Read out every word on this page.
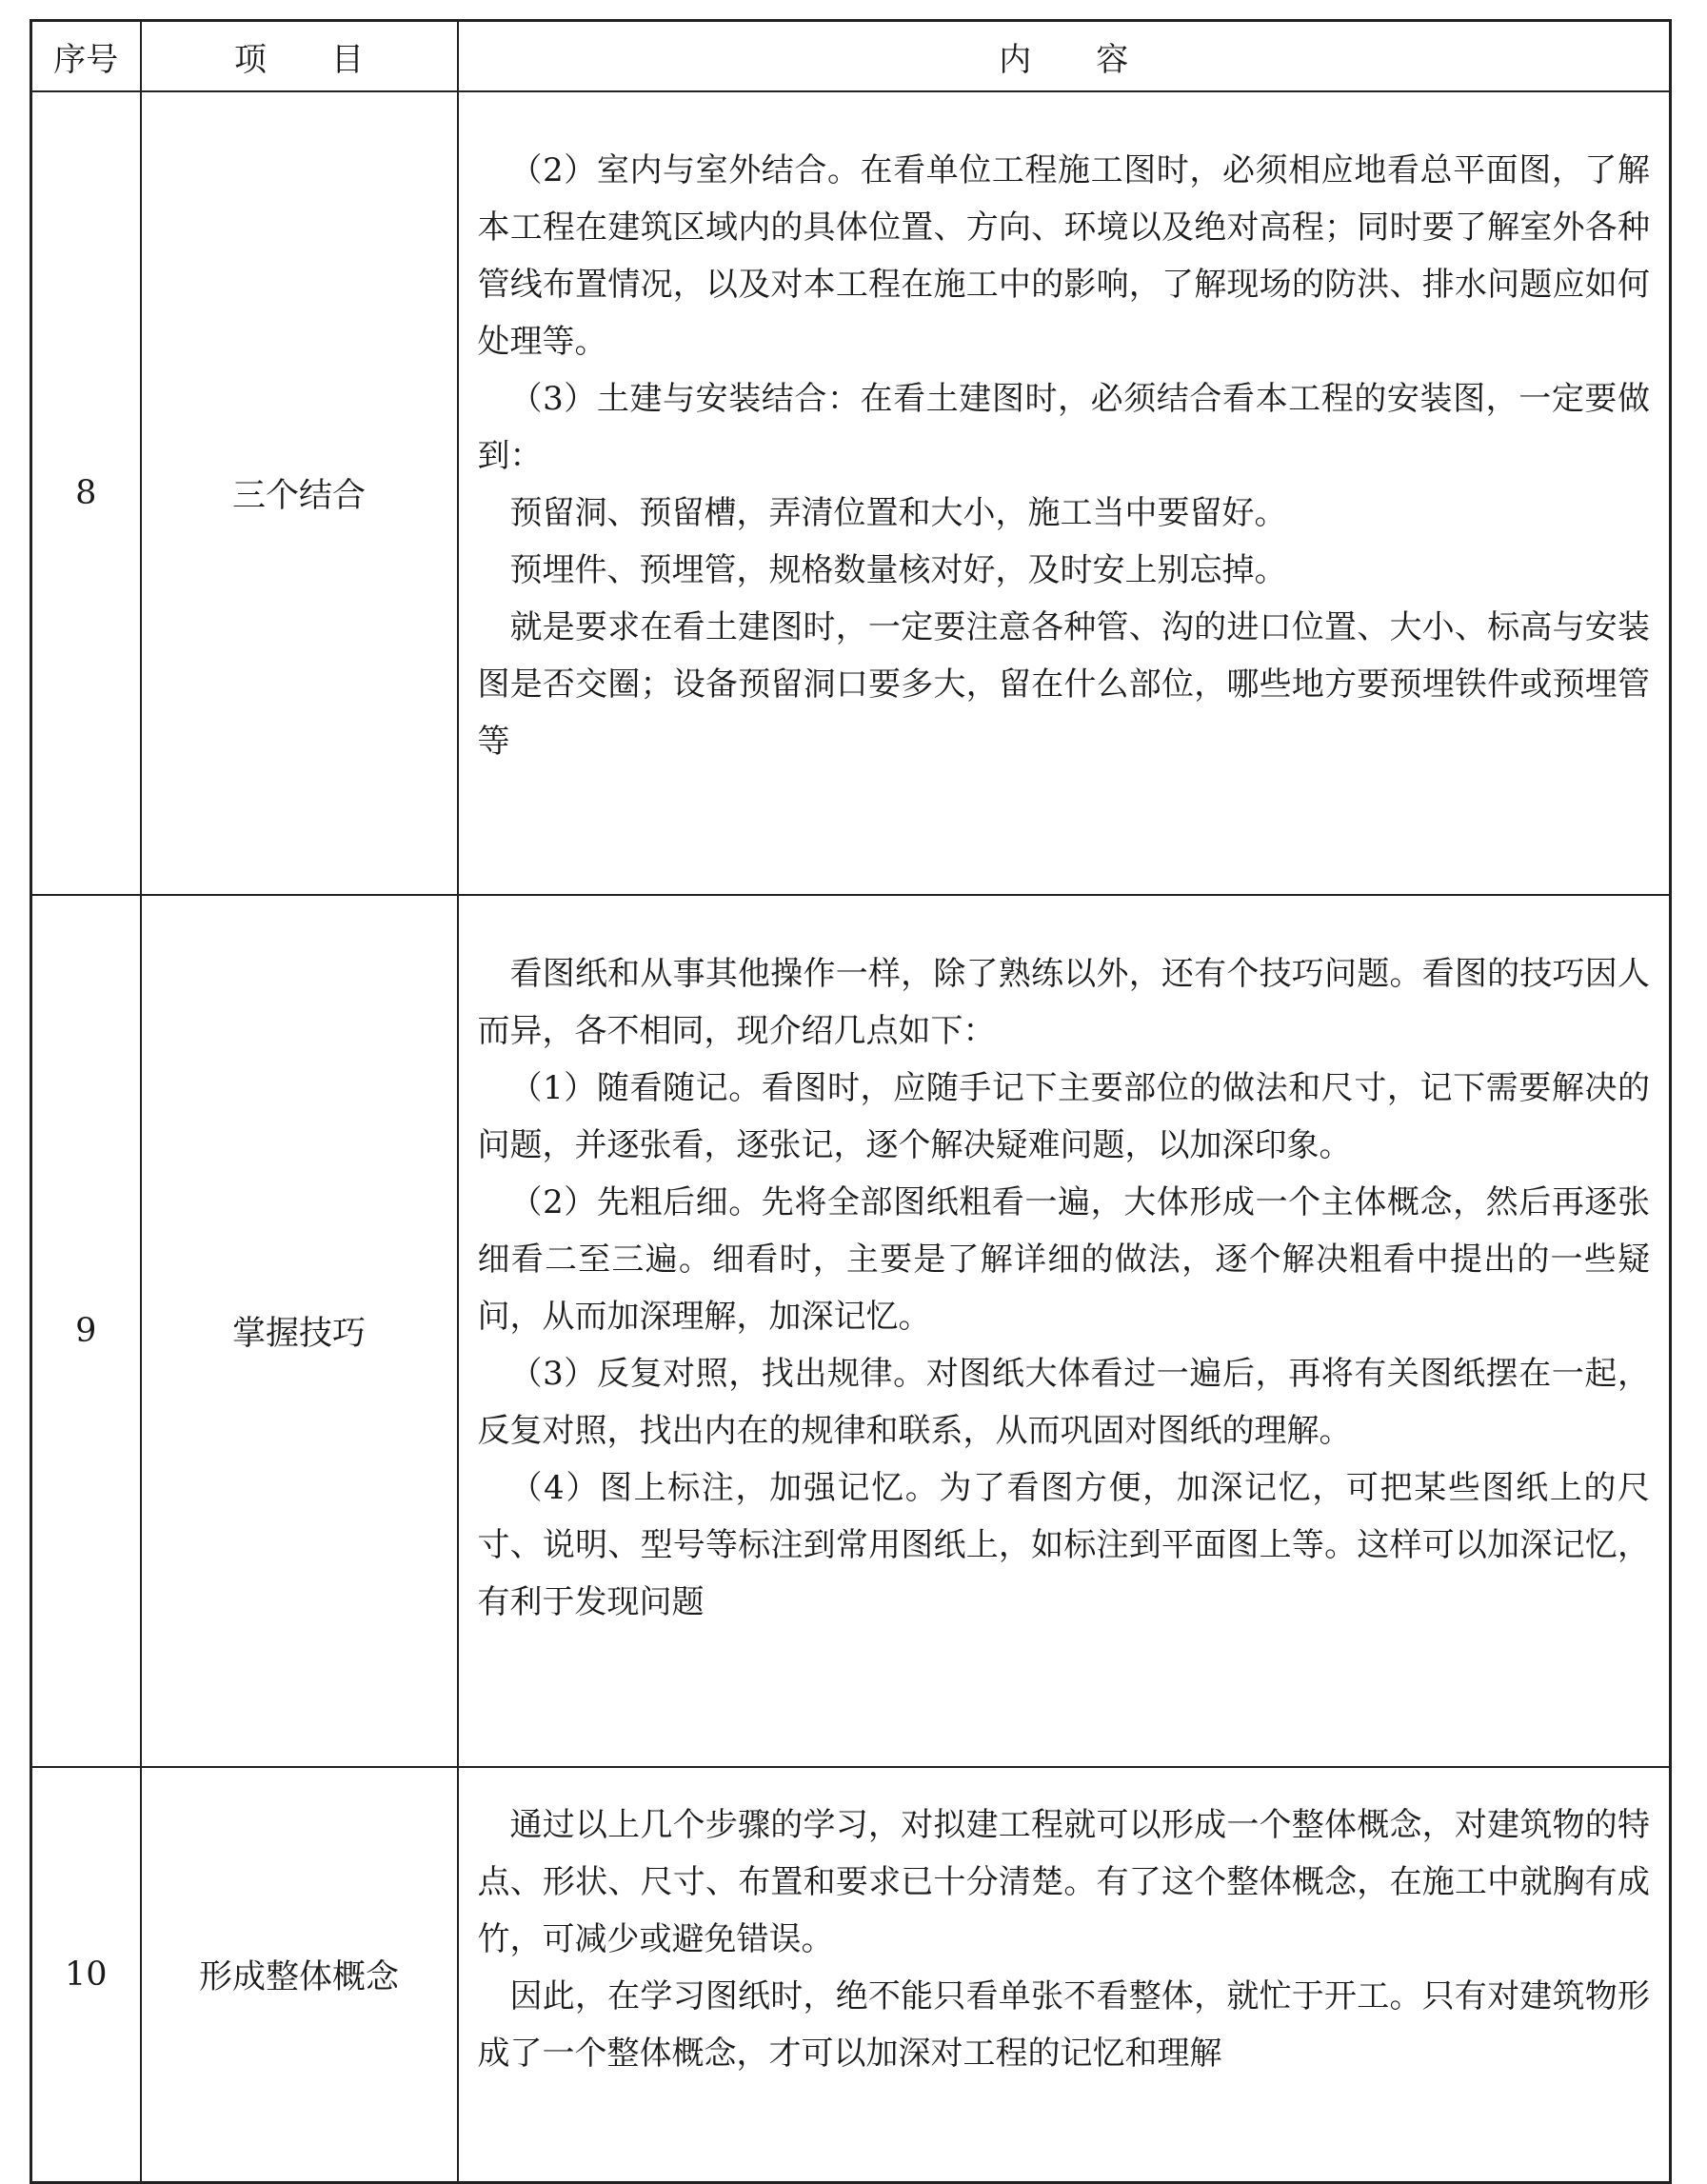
序号	项　　目	内　　容
8	三个结合	（2）室内与室外结合。在看单位工程施工图时，必须相应地看总平面图，了解本工程在建筑区域内的具体位置、方向、环境以及绝对高程；同时要了解室外各种管线布置情况，以及对本工程在施工中的影响，了解现场的防洪、排水问题应如何处理等。

（3）土建与安装结合：在看土建图时，必须结合看本工程的安装图，一定要做到：

预留洞、预留槽，弄清位置和大小，施工当中要留好。

预埋件、预埋管，规格数量核对好，及时安上别忘掉。

就是要求在看土建图时，一定要注意各种管、沟的进口位置、大小、标高与安装图是否交圈；设备预留洞口要多大，留在什么部位，哪些地方要预埋铁件或预埋管等

9	掌握技巧	看图纸和从事其他操作一样，除了熟练以外，还有个技巧问题。看图的技巧因人而异，各不相同，现介绍几点如下：

（1）随看随记。看图时，应随手记下主要部位的做法和尺寸，记下需要解决的问题，并逐张看，逐张记，逐个解决疑难问题，以加深印象。

（2）先粗后细。先将全部图纸粗看一遍，大体形成一个主体概念，然后再逐张细看二至三遍。细看时，主要是了解详细的做法，逐个解决粗看中提出的一些疑问，从而加深理解，加深记忆。

（3）反复对照，找出规律。对图纸大体看过一遍后，再将有关图纸摆在一起，反复对照，找出内在的规律和联系，从而巩固对图纸的理解。

（4）图上标注，加强记忆。为了看图方便，加深记忆，可把某些图纸上的尺寸、说明、型号等标注到常用图纸上，如标注到平面图上等。这样可以加深记忆，有利于发现问题

10	形成整体概念	通过以上几个步骤的学习，对拟建工程就可以形成一个整体概念，对建筑物的特点、形状、尺寸、布置和要求已十分清楚。有了这个整体概念，在施工中就胸有成竹，可减少或避免错误。

因此，在学习图纸时，绝不能只看单张不看整体，就忙于开工。只有对建筑物形成了一个整体概念，才可以加深对工程的记忆和理解
